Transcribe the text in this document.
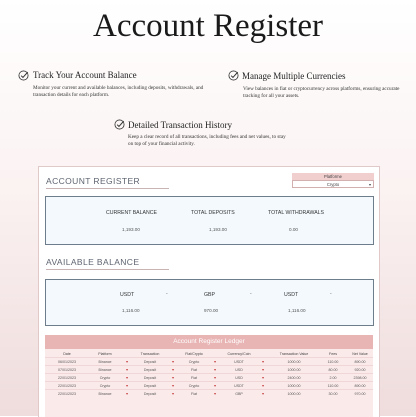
Account Register
Track Your Account Balance
Monitor your current and available balances, including deposits, withdrawals, and transaction details for each platform.
Manage Multiple Currencies
View balances in fiat or cryptocurrency across platforms, ensuring accurate tracking for all your assets.
Detailed Transaction History
Keep a clear record of all transactions, including fees and net values, to stay on top of your financial activity.
ACCOUNT REGISTER	Platforme
Crypto	▾
CURRENT BALANCE	TOTAL DEPOSITS	TOTAL WITHDRAWALS
1,193.00	1,193.00	0.00
AVAILABLE BALANCE
USDT	-
1,116.00
GBP	-
970.00
USDT	-
1,116.00
Account Register Ledger
Date	Platform		Transaction		Fiat/Crypto		Currency/Coin		Transaction Value	Fees	Net Value
06/01/2023	Binance	▼	Deposit	▼	Crypto	▼	USDT	▼	1000.00	110.00	890.00
07/01/2023	Binance	▼	Deposit	▼	Fiat	▼	USD	▼	1000.00	80.00	920.00
22/01/2023	Crypto	▼	Deposit	▼	Fiat	▼	USD	▼	2400.00	2.00	2398.00
22/01/2023	Crypto	▼	Deposit	▼	Crypto	▼	USDT	▼	1000.00	110.00	890.00
22/01/2023	Binance	▼	Deposit	▼	Fiat	▼	GBP	▼	1000.00	30.00	970.00
